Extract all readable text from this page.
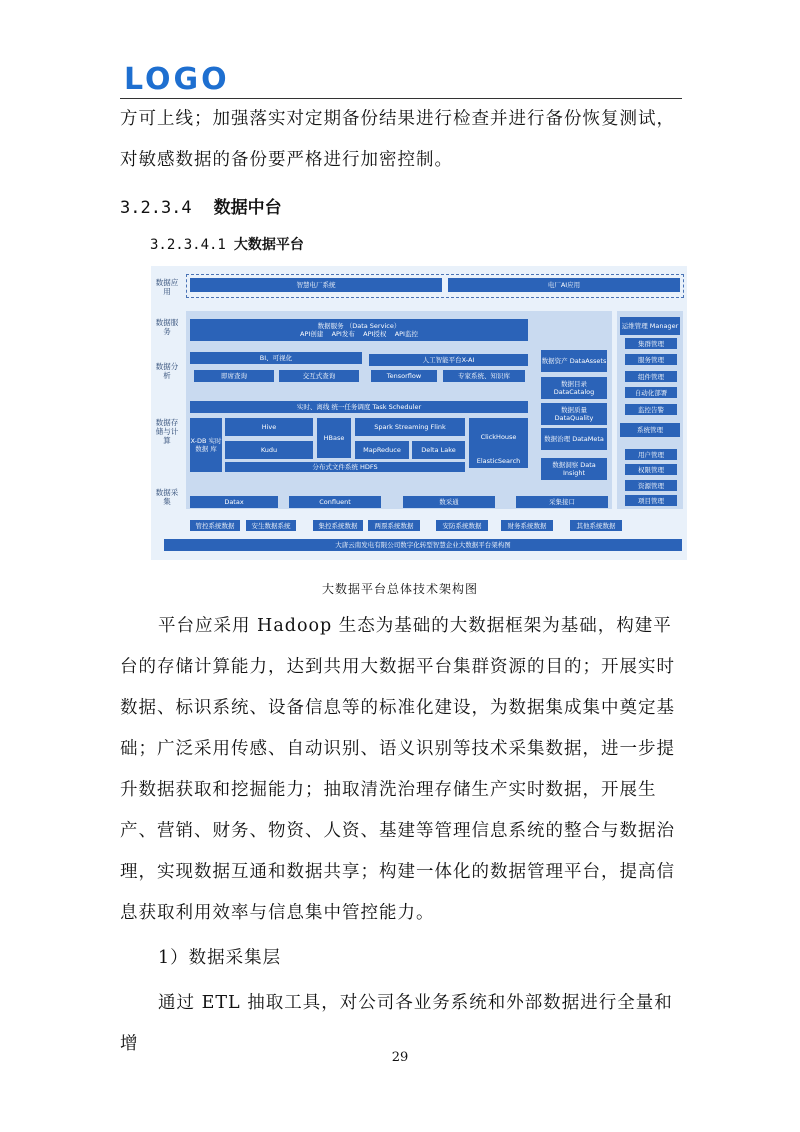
LOGO

方可上线；加强落实对定期备份结果进行检查并进行备份恢复测试，对敏感数据的备份要严格进行加密控制。

3.2.3.4 数据中台
3.2.3.4.1 大数据平台
数据应用
数据服务
数据分析
数据存储与计算
数据采集
智慧电厂系统	电厂AI应用
数据服务 （Data Service）
API创建 API发布 API授权 API监控
BI、可视化
即席查询	交互式查询
人工智能平台X-AI
Tensorflow	专家系统、知识库
实时、离线 统一任务调度 Task Scheduler
X-DB 实时 数据 库
Hive
Kudu
HBase
Spark Streaming Flink
MapReduce	Delta Lake
ClickHouse
ElasticSearch
分布式文件系统 HDFS
数据资产 DataAssets
数据目录 DataCatalog
数据质量 DataQuality
数据治理 DataMeta
数据洞察 Data Insight
运维管理 Manager
集群管理
服务管理
组件管理
自动化部署
监控告警
系统管理
用户管理
权限管理
资源管理
项目管理
Datax	Confluent	数采通	采集接口
管控系统数据	安生数据系统	集控系统数据	两票系统数据	安防系统数据	财务系统数据	其他系统数据
大唐云南发电有限公司数字化转型智慧企业大数据平台架构图
大数据平台总体技术架构图

平台应采用 Hadoop 生态为基础的大数据框架为基础，构建平台的存储计算能力，达到共用大数据平台集群资源的目的；开展实时数据、标识系统、设备信息等的标准化建设，为数据集成集中奠定基础；广泛采用传感、自动识别、语义识别等技术采集数据，进一步提升数据获取和挖掘能力；抽取清洗治理存储生产实时数据，开展生产、营销、财务、物资、人资、基建等管理信息系统的整合与数据治理，实现数据互通和数据共享；构建一体化的数据管理平台，提高信息获取利用效率与信息集中管控能力。

1）数据采集层

通过 ETL 抽取工具，对公司各业务系统和外部数据进行全量和增

29
